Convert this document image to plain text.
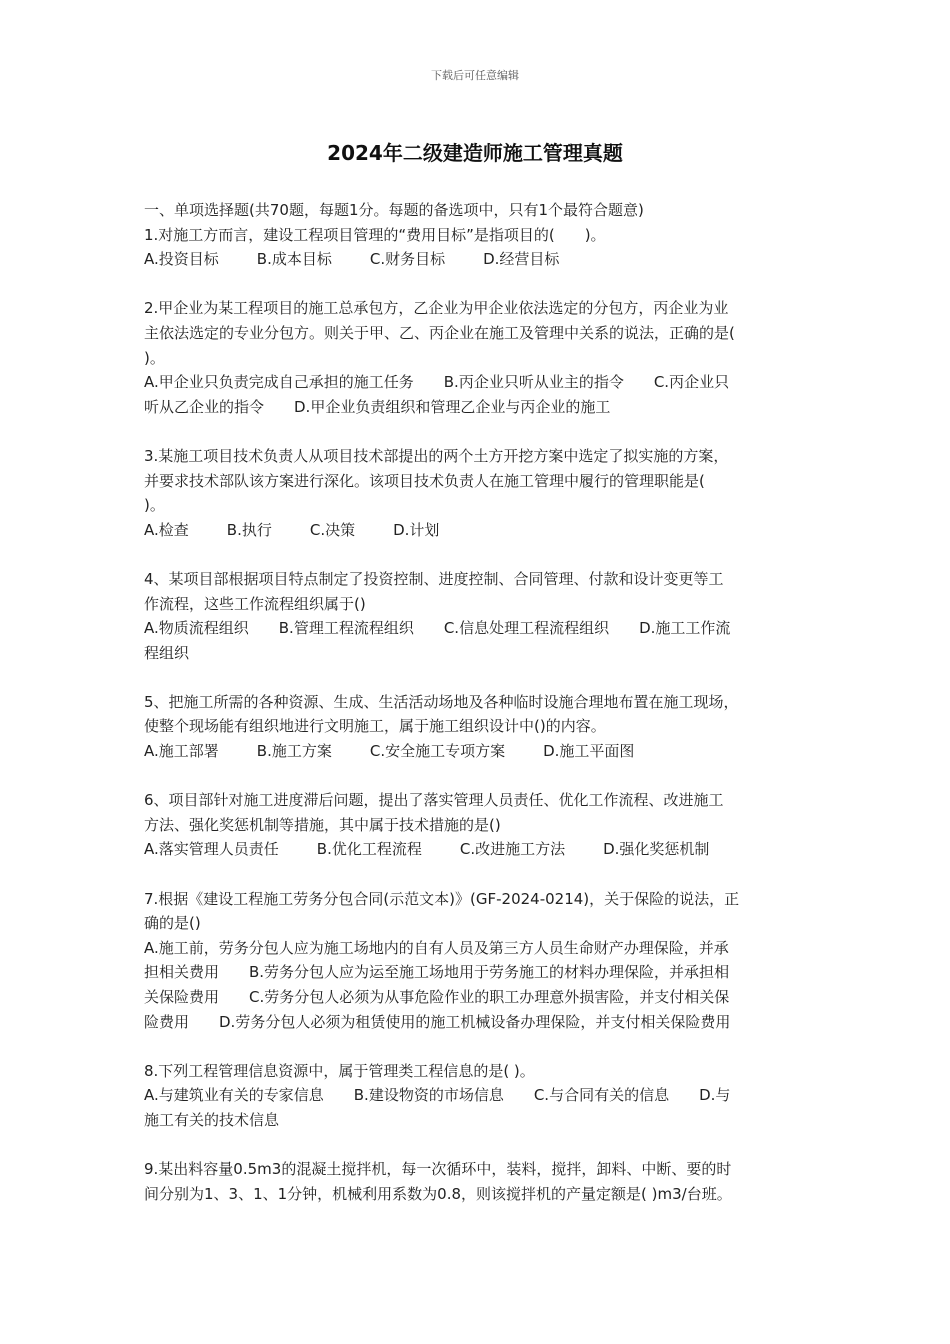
下载后可任意编辑
2024年二级建造师施工管理真题
一、单项选择题(共70题，每题1分。每题的备选项中，只有1个最符合题意)
1.对施工方而言，建设工程项目管理的“费用目标”是指项目的(　　)。
A.投资目标	B.成本目标	C.财务目标	D.经营目标
2.甲企业为某工程项目的施工总承包方，乙企业为甲企业依法选定的分包方，丙企业为业
主依法选定的专业分包方。则关于甲、乙、丙企业在施工及管理中关系的说法，正确的是(
)。
A.甲企业只负责完成自己承担的施工任务　　B.丙企业只听从业主的指令　　C.丙企业只
听从乙企业的指令　　D.甲企业负责组织和管理乙企业与丙企业的施工
3.某施工项目技术负责人从项目技术部提出的两个土方开挖方案中选定了拟实施的方案，
并要求技术部队该方案进行深化。该项目技术负责人在施工管理中履行的管理职能是(
)。
A.检查	B.执行	C.决策	D.计划
4、某项目部根据项目特点制定了投资控制、进度控制、合同管理、付款和设计变更等工
作流程，这些工作流程组织属于()
A.物质流程组织　　B.管理工程流程组织　　C.信息处理工程流程组织　　D.施工工作流
程组织
5、把施工所需的各种资源、生成、生活活动场地及各种临时设施合理地布置在施工现场，
使整个现场能有组织地进行文明施工，属于施工组织设计中()的内容。
A.施工部署	B.施工方案	C.安全施工专项方案	D.施工平面图
6、项目部针对施工进度滞后问题，提出了落实管理人员责任、优化工作流程、改进施工
方法、强化奖惩机制等措施，其中属于技术措施的是()
A.落实管理人员责任	B.优化工程流程	C.改进施工方法	D.强化奖惩机制
7.根据《建设工程施工劳务分包合同(示范文本)》(GF-2024-0214)，关于保险的说法，正
确的是()
A.施工前，劳务分包人应为施工场地内的自有人员及第三方人员生命财产办理保险，并承
担相关费用　　B.劳务分包人应为运至施工场地用于劳务施工的材料办理保险，并承担相
关保险费用　　C.劳务分包人必须为从事危险作业的职工办理意外损害险，并支付相关保
险费用　　D.劳务分包人必须为租赁使用的施工机械设备办理保险，并支付相关保险费用
8.下列工程管理信息资源中，属于管理类工程信息的是( )。
A.与建筑业有关的专家信息　　B.建设物资的市场信息　　C.与合同有关的信息　　D.与
施工有关的技术信息
9.某出料容量0.5m3的混凝土搅拌机，每一次循环中，装料，搅拌，卸料、中断、要的时
间分别为1、3、1、1分钟，机械利用系数为0.8，则该搅拌机的产量定额是( )m3/台班。
